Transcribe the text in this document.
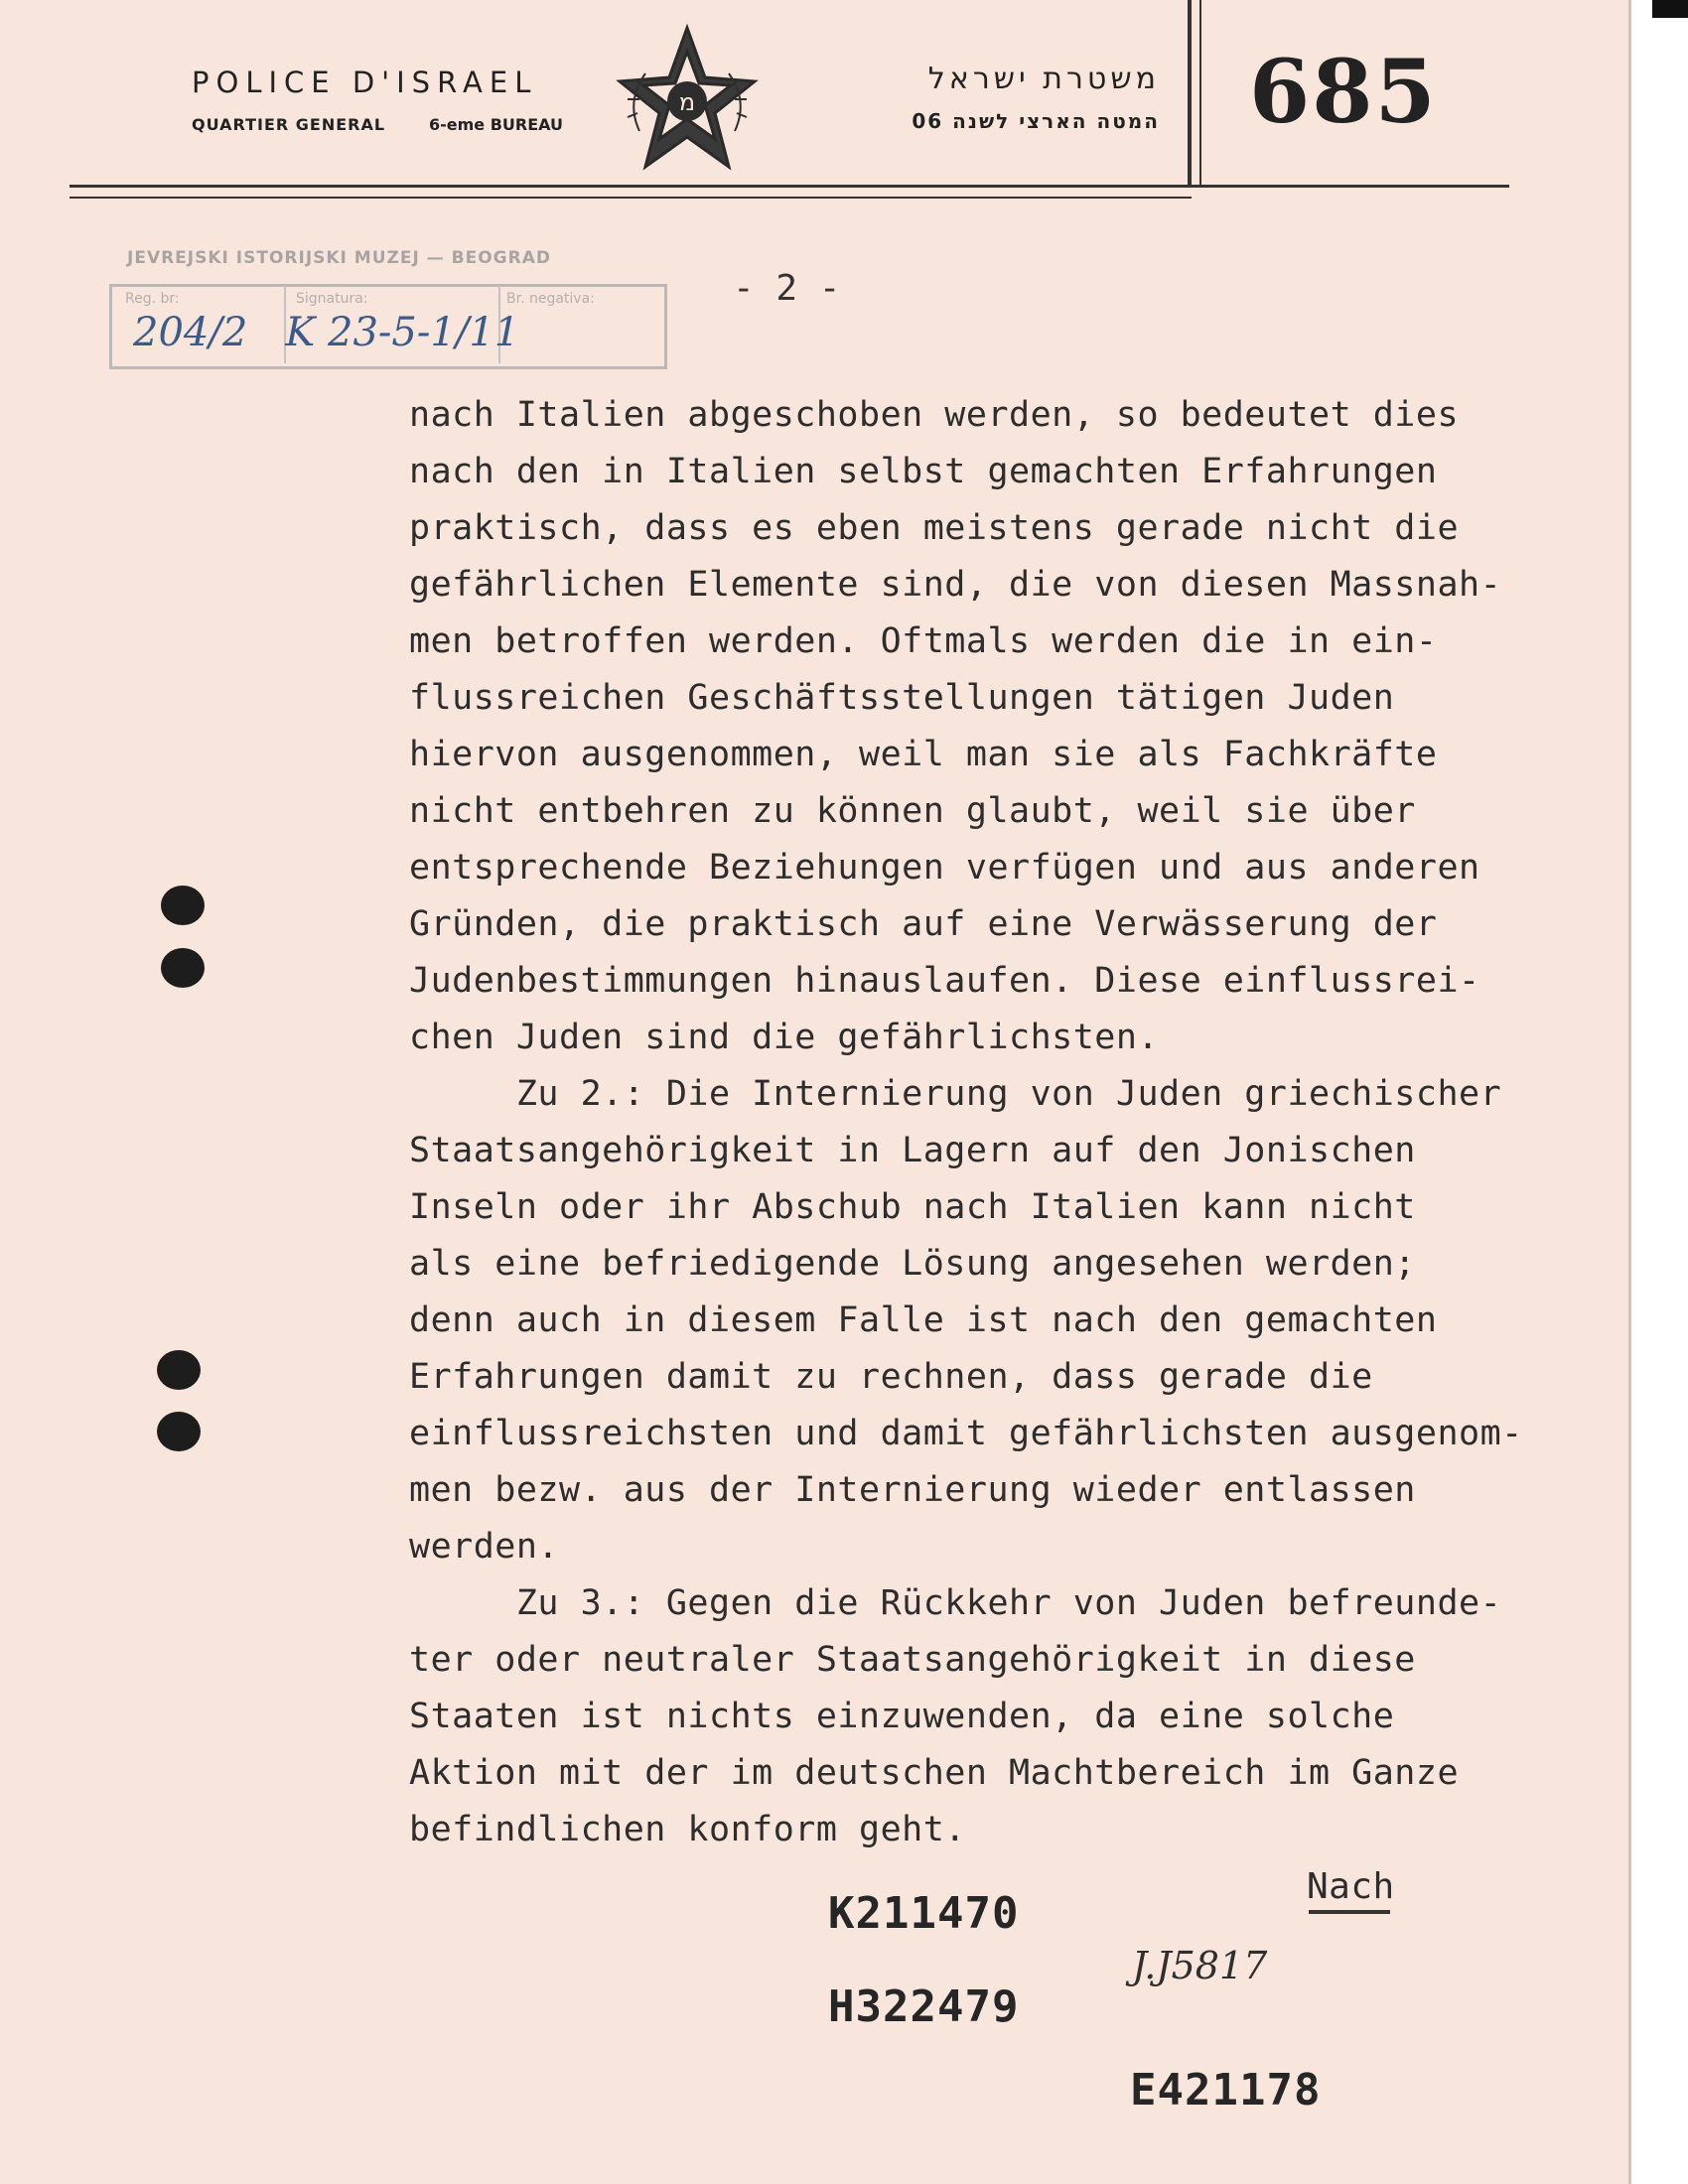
POLICE D'ISRAEL
QUARTIER GENERAL	6-eme BUREAU
מ
משטרת ישראל
המטה הארצי לשנה 06 685
JEVREJSKI ISTORIJSKI MUZEJ — BEOGRAD
Reg. br:	Signatura:	Br. negativa:
204/2   K 23-5-1/11
- 2 -
nach Italien abgeschoben werden, so bedeutet dies
nach den in Italien selbst gemachten Erfahrungen
praktisch, dass es eben meistens gerade nicht die
gefährlichen Elemente sind, die von diesen Massnah-
men betroffen werden. Oftmals werden die in ein-
flussreichen Geschäftsstellungen tätigen Juden
hiervon ausgenommen, weil man sie als Fachkräfte
nicht entbehren zu können glaubt, weil sie über
entsprechende Beziehungen verfügen und aus anderen
Gründen, die praktisch auf eine Verwässerung der
Judenbestimmungen hinauslaufen. Diese einflussrei-
chen Juden sind die gefährlichsten.
Zu 2.: Die Internierung von Juden griechischer
Staatsangehörigkeit in Lagern auf den Jonischen
Inseln oder ihr Abschub nach Italien kann nicht
als eine befriedigende Lösung angesehen werden;
denn auch in diesem Falle ist nach den gemachten
Erfahrungen damit zu rechnen, dass gerade die
einflussreichsten und damit gefährlichsten ausgenom-
men bezw. aus der Internierung wieder entlassen
werden.
Zu 3.: Gegen die Rückkehr von Juden befreunde-
ter oder neutraler Staatsangehörigkeit in diese
Staaten ist nichts einzuwenden, da eine solche
Aktion mit der im deutschen Machtbereich im Ganze
befindlichen konform geht.
Nach
K211470
H322479
E421178
J.J5817
